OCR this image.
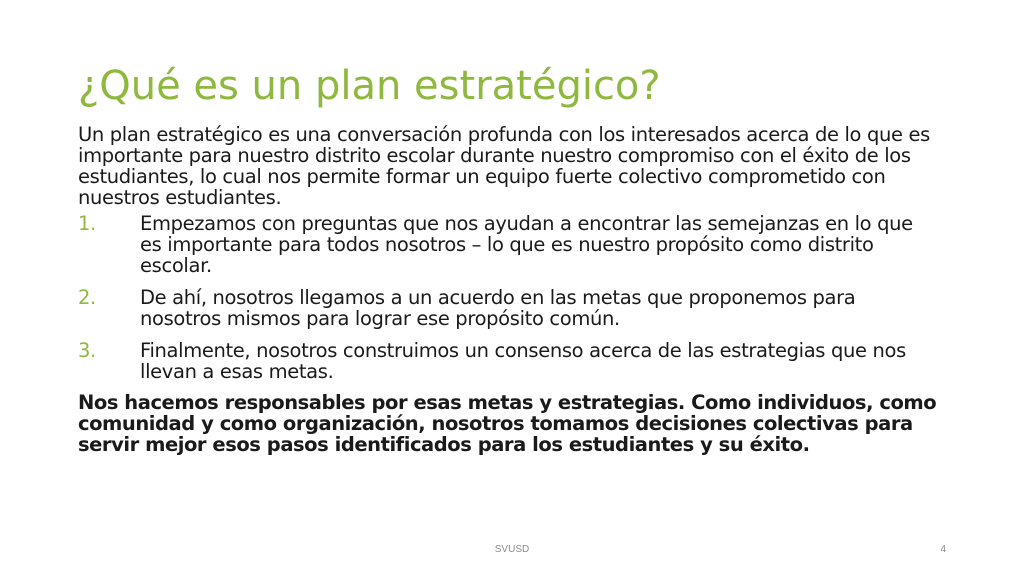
¿Qué es un plan estratégico?

Un plan estratégico es una conversación profunda con los interesados acerca de lo que es importante para nuestro distrito escolar durante nuestro compromiso con el éxito de los estudiantes, lo cual nos permite formar un equipo fuerte colectivo comprometido con nuestros estudiantes.

1.	Empezamos con preguntas que nos ayudan a encontrar las semejanzas en lo que es importante para todos nosotros – lo que es nuestro propósito como distrito escolar.
2.	De ahí, nosotros llegamos a un acuerdo en las metas que proponemos para nosotros mismos para lograr ese propósito común.
3.	Finalmente, nosotros construimos un consenso acerca de las estrategias que nos llevan a esas metas.

Nos hacemos responsables por esas metas y estrategias. Como individuos, como comunidad y como organización, nosotros tomamos decisiones colectivas para servir mejor esos pasos identificados para los estudiantes y su éxito.

SVUSD	4
